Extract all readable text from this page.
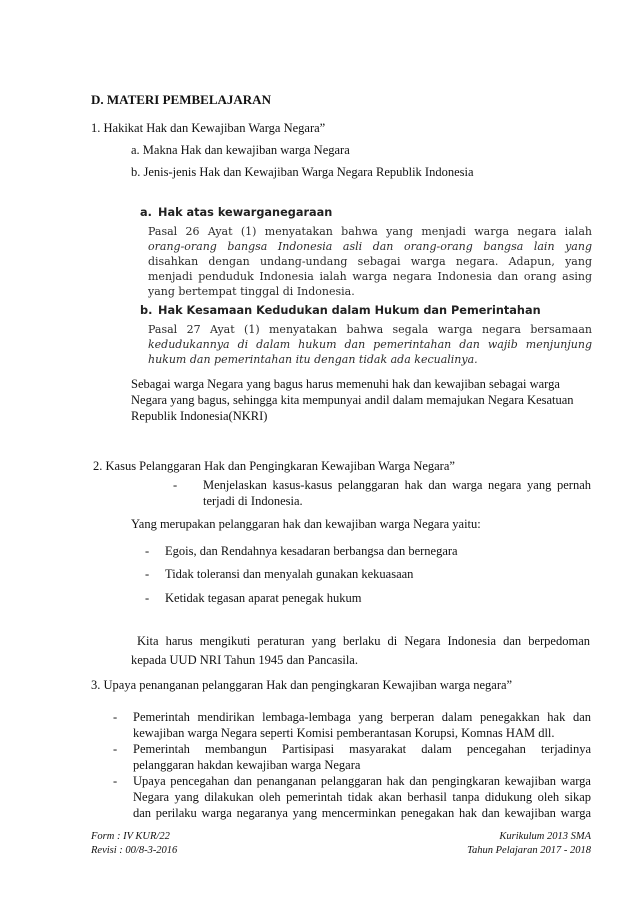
D. MATERI PEMBELAJARAN
1. Hakikat Hak dan Kewajiban Warga Negara”
a. Makna Hak dan kewajiban warga Negara
b. Jenis-jenis Hak dan Kewajiban Warga Negara Republik Indonesia
a. Hak atas kewarganegaraan
Pasal 26 Ayat (1) menyatakan bahwa yang menjadi warga negara ialah
orang-orang bangsa Indonesia asli dan orang-orang bangsa lain yang
disahkan dengan undang-undang sebagai warga negara. Adapun, yang
menjadi penduduk Indonesia ialah warga negara Indonesia dan orang asing
yang bertempat tinggal di Indonesia.
b. Hak Kesamaan Kedudukan dalam Hukum dan Pemerintahan
Pasal 27 Ayat (1) menyatakan bahwa segala warga negara bersamaan
kedudukannya di dalam hukum dan pemerintahan dan wajib menjunjung
hukum dan pemerintahan itu dengan tidak ada kecualinya.
Sebagai warga Negara yang bagus harus memenuhi hak dan kewajiban sebagai warga
Negara yang bagus, sehingga kita mempunyai andil dalam memajukan Negara Kesatuan
Republik Indonesia(NKRI)
2. Kasus Pelanggaran Hak dan Pengingkaran Kewajiban Warga Negara”
- Menjelaskan kasus-kasus pelanggaran hak dan warga negara yang pernah
terjadi di Indonesia.
Yang merupakan pelanggaran hak dan kewajiban warga Negara yaitu:
- Egois, dan Rendahnya kesadaran berbangsa dan bernegara
- Tidak toleransi dan menyalah gunakan kekuasaan
- Ketidak tegasan aparat penegak hukum
Kita harus mengikuti peraturan yang berlaku di Negara Indonesia dan berpedoman
kepada UUD NRI Tahun 1945 dan Pancasila.
3. Upaya penanganan pelanggaran Hak dan pengingkaran Kewajiban warga negara”
- Pemerintah mendirikan lembaga-lembaga yang berperan dalam penegakkan hak dan
kewajiban warga Negara seperti Komisi pemberantasan Korupsi, Komnas HAM dll.
- Pemerintah membangun Partisipasi masyarakat dalam pencegahan terjadinya
pelanggaran hakdan kewajiban warga Negara
- Upaya pencegahan dan penanganan pelanggaran hak dan pengingkaran kewajiban warga
Negara yang dilakukan oleh pemerintah tidak akan berhasil tanpa didukung oleh sikap
dan perilaku warga negaranya yang mencerminkan penegakan hak dan kewajiban warga
Form : IV KUR/22
Revisi : 00/8-3-2016
Kurikulum 2013 SMA
Tahun Pelajaran 2017 - 2018
